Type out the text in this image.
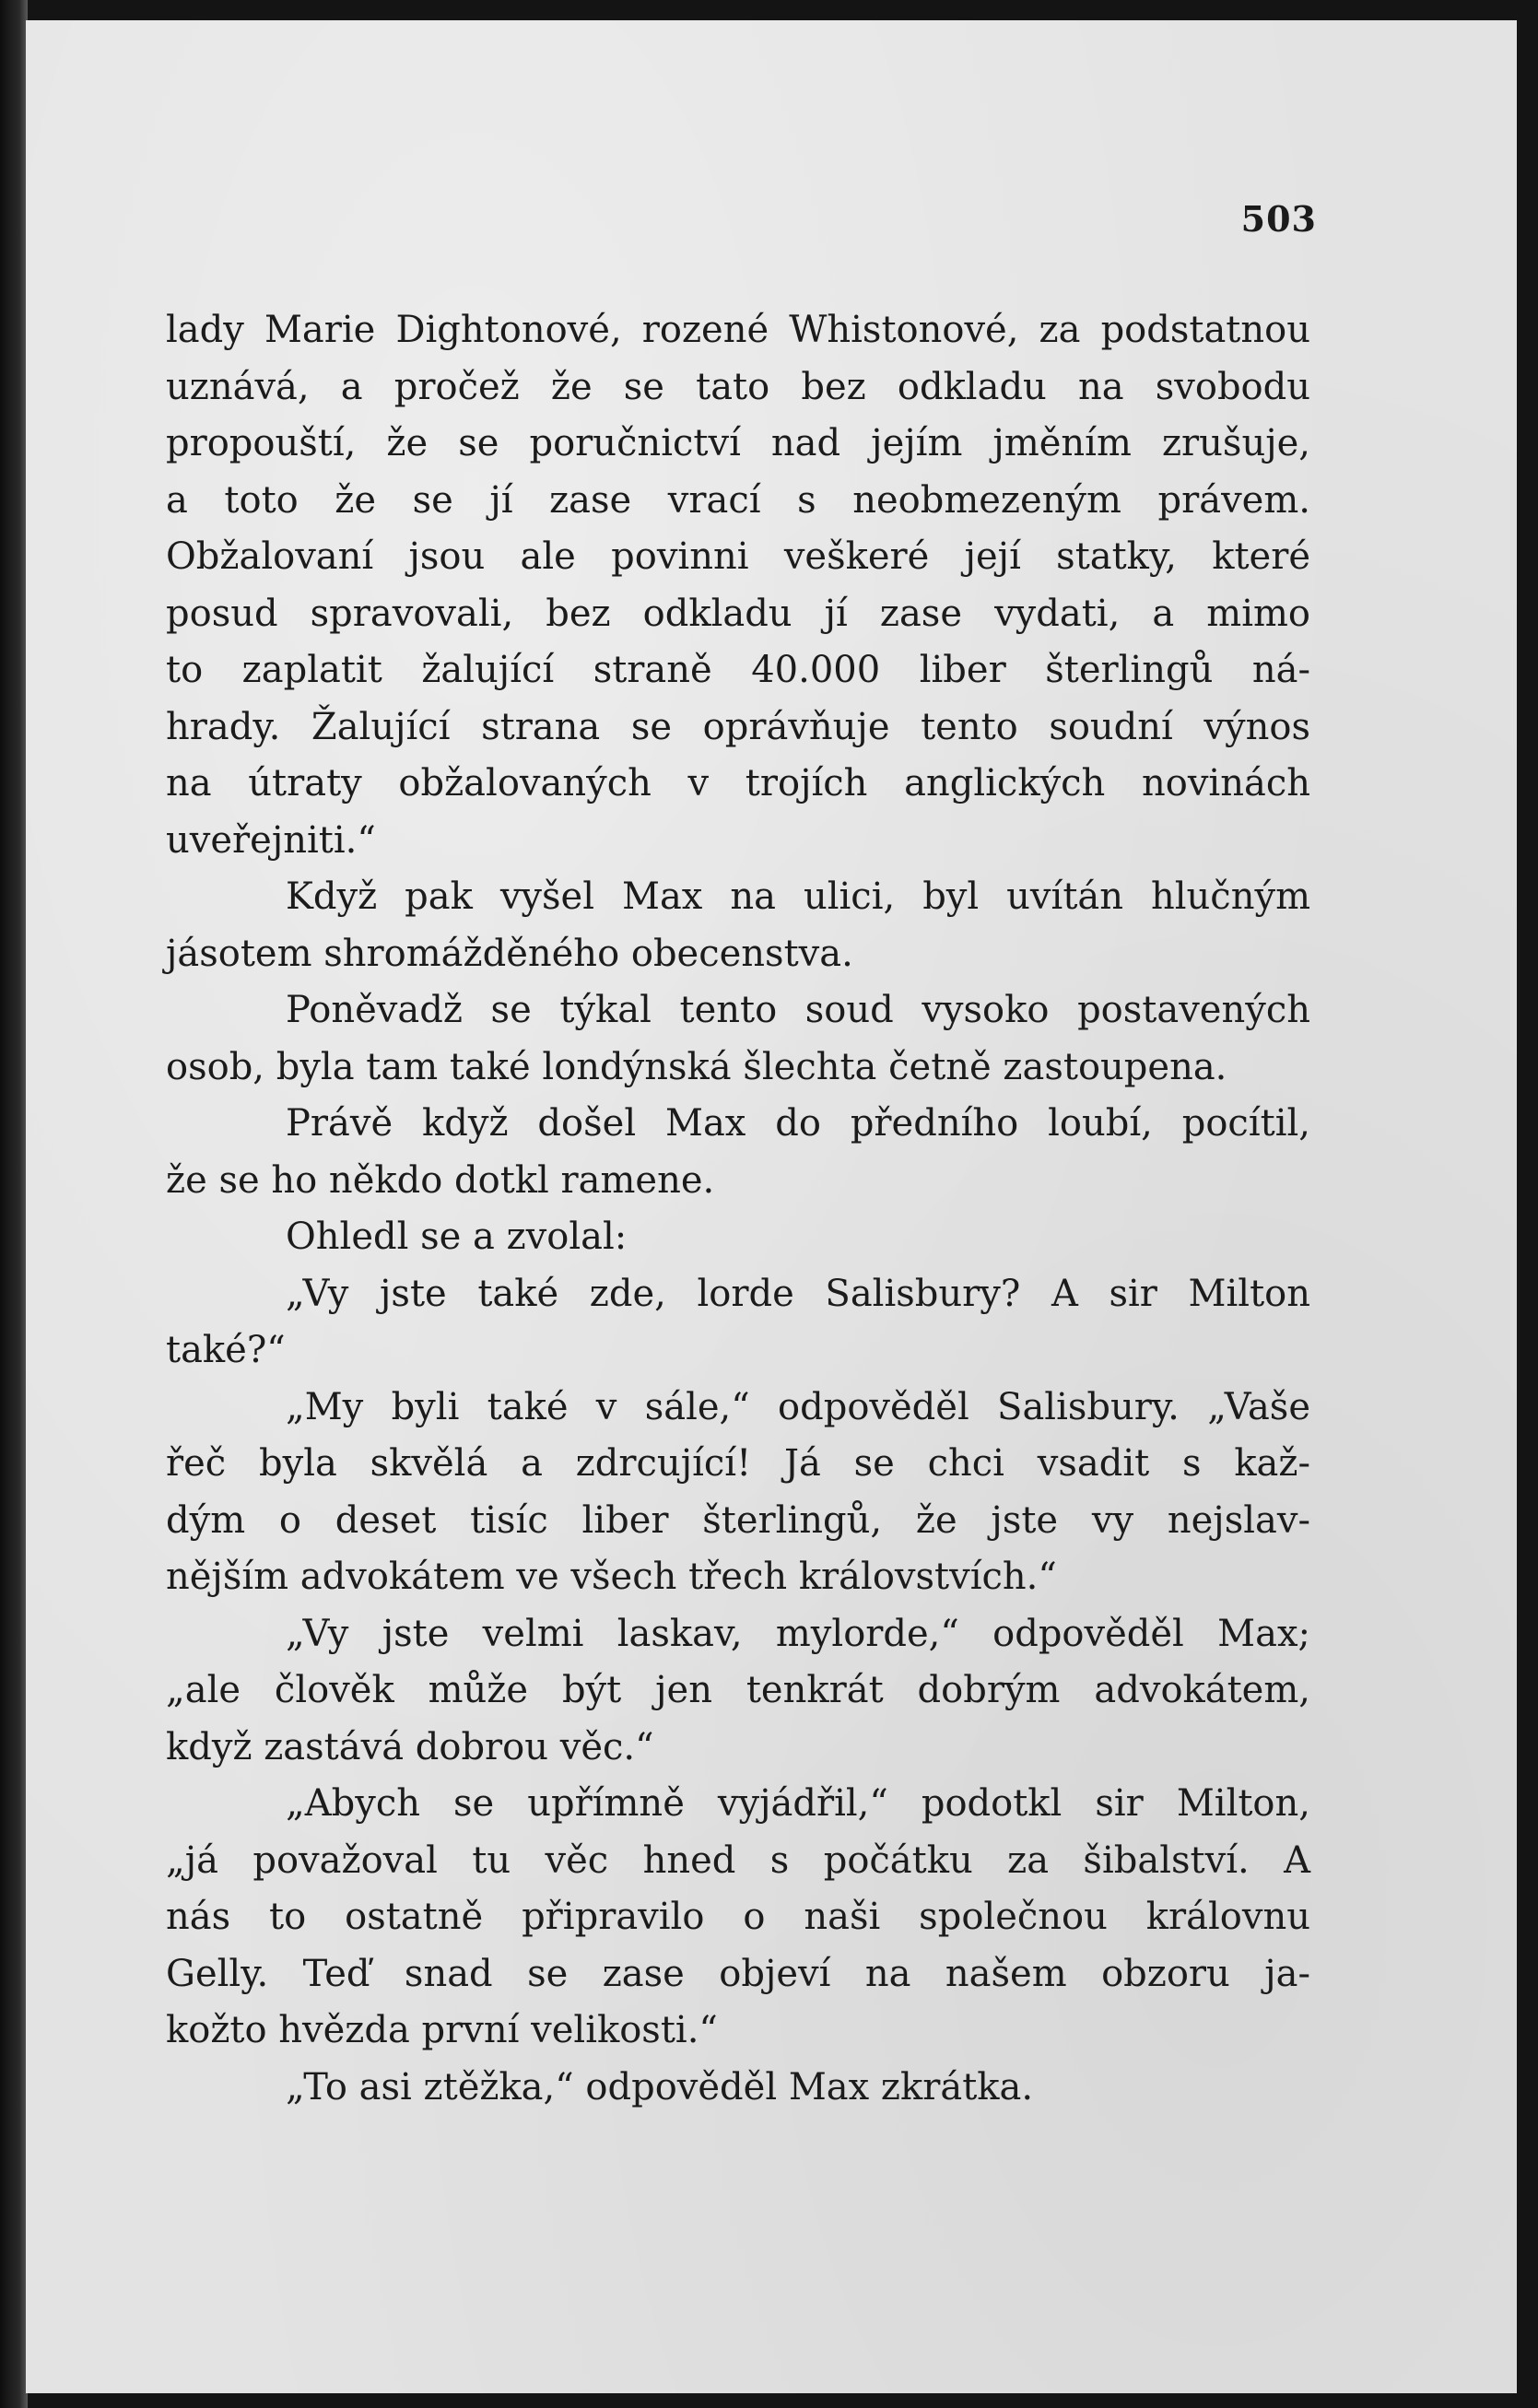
503
lady Marie Dightonové, rozené Whistonové, za podstatnou
uznává, a pročež že se tato bez odkladu na svobodu
propouští, že se poručnictví nad jejím jměním zrušuje,
a toto že se jí zase vrací s neobmezeným právem.
Obžalovaní jsou ale povinni veškeré její statky, které
posud spravovali, bez odkladu jí zase vydati, a mimo
to zaplatit žalující straně 40.000 liber šterlingů ná-
hrady. Žalující strana se oprávňuje tento soudní výnos
na útraty obžalovaných v trojích anglických novinách
uveřejniti.“
Když pak vyšel Max na ulici, byl uvítán hlučným
jásotem shromážděného obecenstva.
Poněvadž se týkal tento soud vysoko postavených
osob, byla tam také londýnská šlechta četně zastoupena.
Právě když došel Max do předního loubí, pocítil,
že se ho někdo dotkl ramene.
Ohledl se a zvolal:
„Vy jste také zde, lorde Salisbury? A sir Milton
také?“
„My byli také v sále,“ odpověděl Salisbury. „Vaše
řeč byla skvělá a zdrcující! Já se chci vsadit s kaž-
dým o deset tisíc liber šterlingů, že jste vy nejslav-
nějším advokátem ve všech třech královstvích.“
„Vy jste velmi laskav, mylorde,“ odpověděl Max;
„ale člověk může být jen tenkrát dobrým advokátem,
když zastává dobrou věc.“
„Abych se upřímně vyjádřil,“ podotkl sir Milton,
„já považoval tu věc hned s počátku za šibalství. A
nás to ostatně připravilo o naši společnou královnu
Gelly. Teď snad se zase objeví na našem obzoru ja-
kožto hvězda první velikosti.“
„To asi ztěžka,“ odpověděl Max zkrátka.
